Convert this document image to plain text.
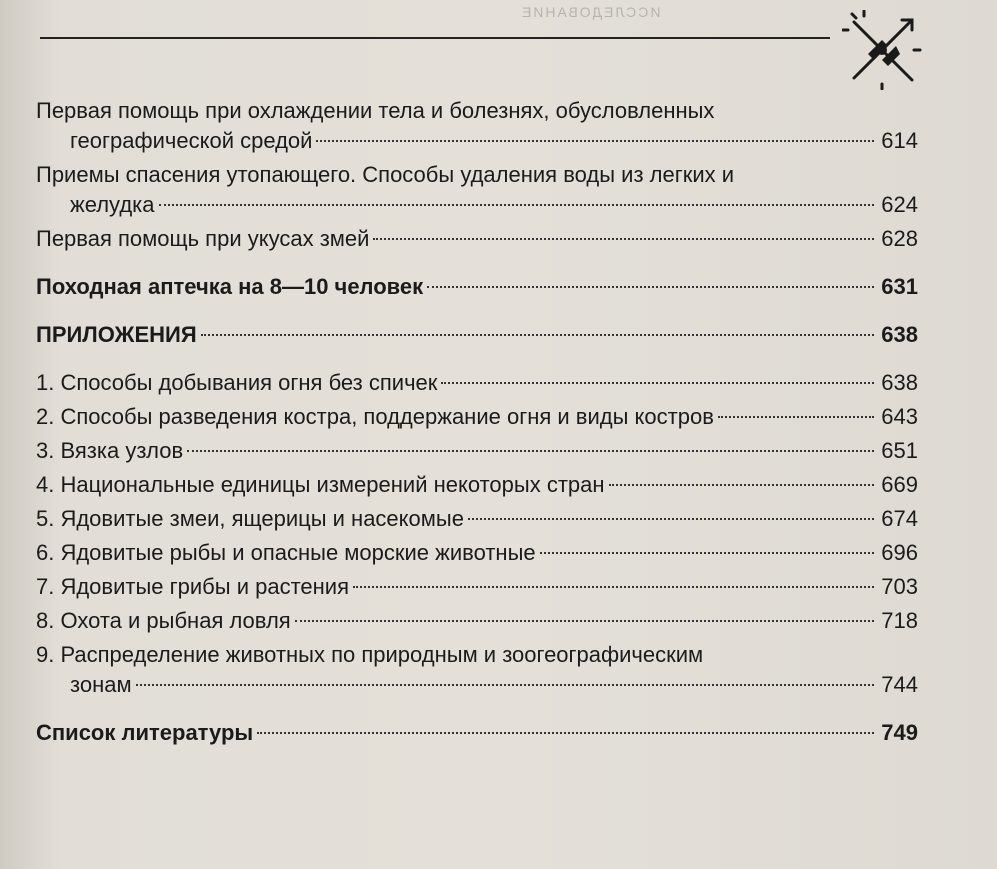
ИССЛЕДОВАНИЕ
Первая помощь при охлаждении тела и болезнях, обусловленных
географической средой	614
Приемы спасения утопающего. Способы удаления воды из легких и
желудка	624
Первая помощь при укусах змей	628
Походная аптечка на 8—10 человек	631
ПРИЛОЖЕНИЯ	638
1. Способы добывания огня без спичек	638
2. Способы разведения костра, поддержание огня и виды костров	643
3. Вязка узлов	651
4. Национальные единицы измерений некоторых стран	669
5. Ядовитые змеи, ящерицы и насекомые	674
6. Ядовитые рыбы и опасные морские животные	696
7. Ядовитые грибы и растения	703
8. Охота и рыбная ловля	718
9. Распределение животных по природным и зоогеографическим
зонам	744
Список литературы	749
